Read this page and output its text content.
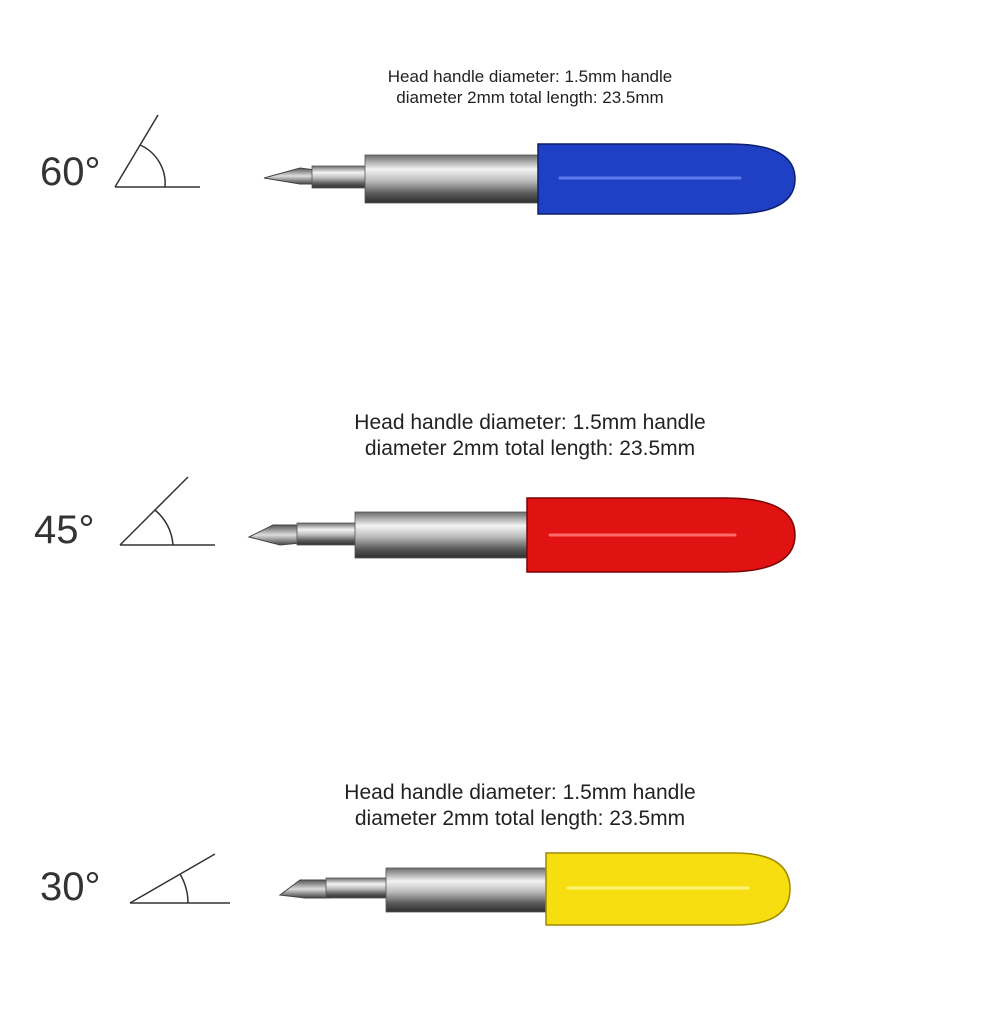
Head handle diameter: 1.5mm handle
diameter 2mm total length: 23.5mm
60°
Head handle diameter: 1.5mm handle
diameter 2mm total length: 23.5mm
45°
Head handle diameter: 1.5mm handle
diameter 2mm total length: 23.5mm
30°
